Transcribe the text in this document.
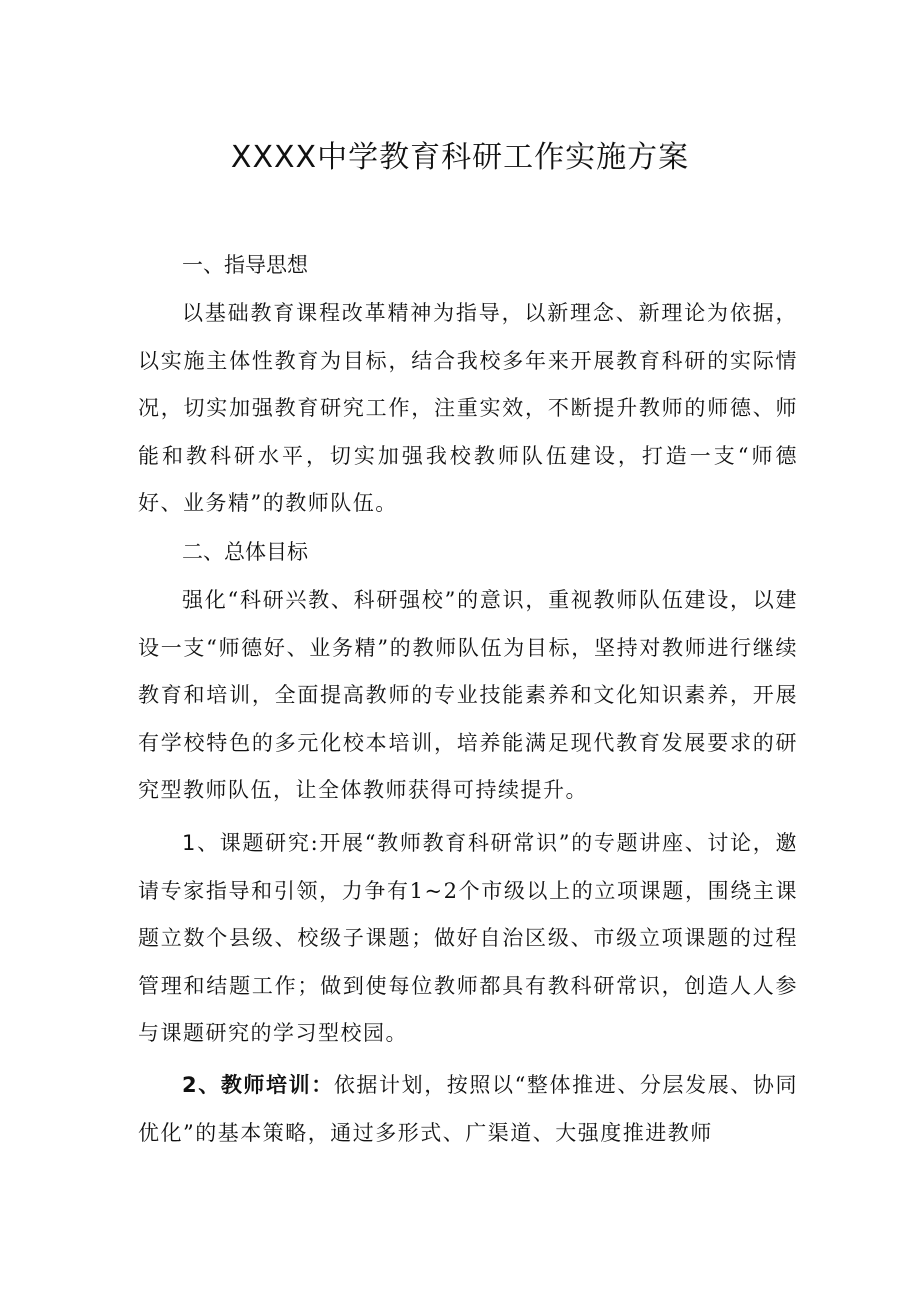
XXXX中学教育科研工作实施方案
一、指导思想

以基础教育课程改革精神为指导，以新理念、新理论为依据，以实施主体性教育为目标，结合我校多年来开展教育科研的实际情况，切实加强教育研究工作，注重实效，不断提升教师的师德、师能和教科研水平，切实加强我校教师队伍建设，打造一支“师德好、业务精”的教师队伍。

二、总体目标

强化“科研兴教、科研强校”的意识，重视教师队伍建设，以建设一支“师德好、业务精”的教师队伍为目标，坚持对教师进行继续教育和培训，全面提高教师的专业技能素养和文化知识素养，开展有学校特色的多元化校本培训，培养能满足现代教育发展要求的研究型教师队伍，让全体教师获得可持续提升。

1、课题研究:开展“教师教育科研常识”的专题讲座、讨论，邀请专家指导和引领，力争有1~2个市级以上的立项课题，围绕主课题立数个县级、校级子课题；做好自治区级、市级立项课题的过程管理和结题工作；做到使每位教师都具有教科研常识，创造人人参与课题研究的学习型校园。

2、教师培训：依据计划，按照以“整体推进、分层发展、协同优化”的基本策略，通过多形式、广渠道、大强度推进教师
